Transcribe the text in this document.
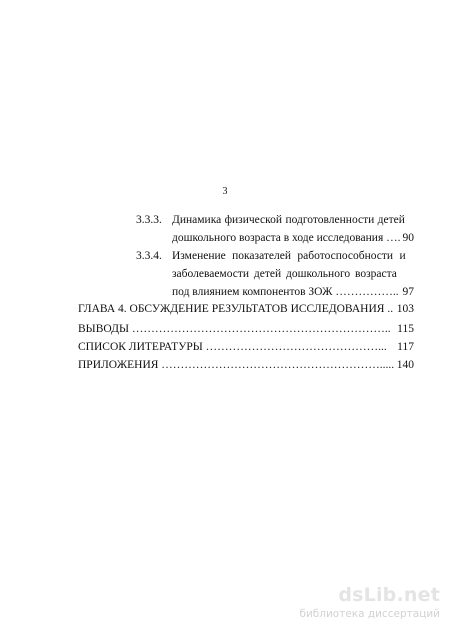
3
3.3.3. Динамика физической подготовленности детей
дошкольного возраста в ходе исследования …. 90
3.3.4. Изменение показателей работоспособности и
заболеваемости детей дошкольного возраста
под влиянием компонентов ЗОЖ …………….. 97
ГЛАВА 4. ОБСУЖДЕНИЕ РЕЗУЛЬТАТОВ ИССЛЕДОВАНИЯ .. 103
ВЫВОДЫ ………………………………………………………….. 115
СПИСОК ЛИТЕРАТУРЫ ………………………………………... 117
ПРИЛОЖЕНИЯ …………………………………………………..... 140
dsLib.net
библиотека диссертаций
